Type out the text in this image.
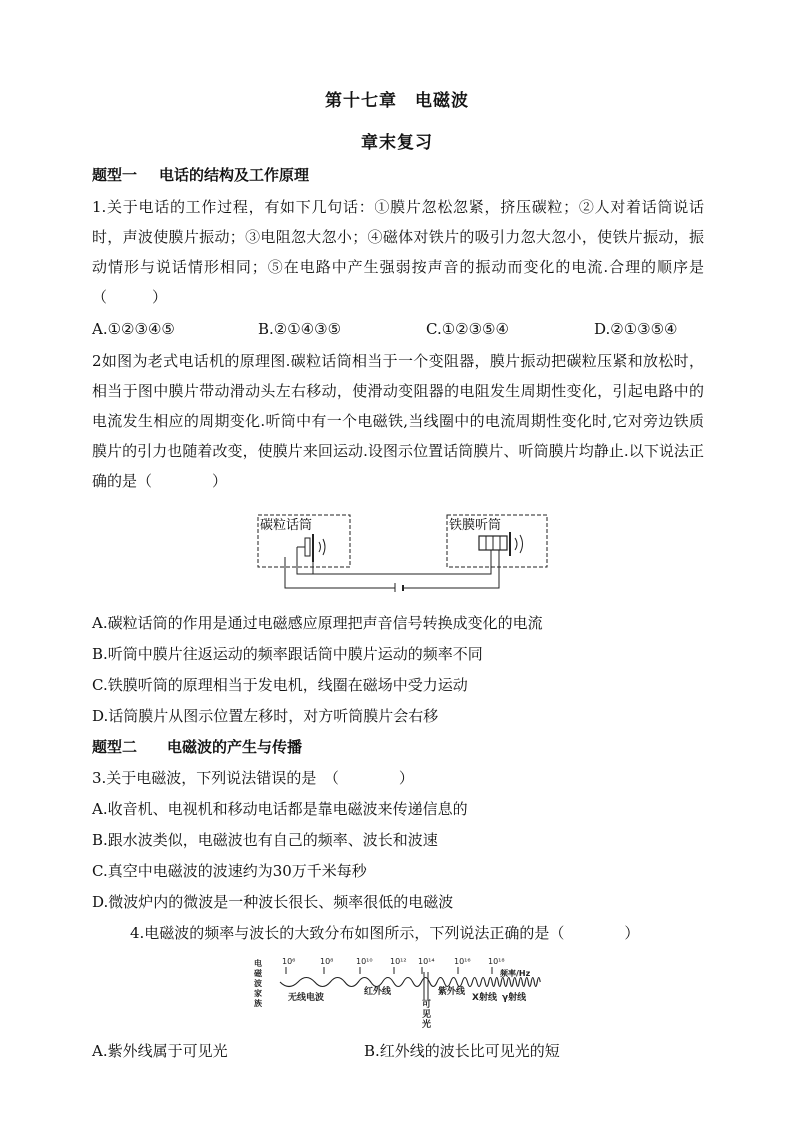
第十七章　电磁波
章末复习
题型一 电话的结构及工作原理
1.关于电话的工作过程，有如下几句话：①膜片忽松忽紧，挤压碳粒；②人对着话筒说话时，声波使膜片振动；③电阻忽大忽小；④磁体对铁片的吸引力忽大忽小，使铁片振动，振动情形与说话情形相同；⑤在电路中产生强弱按声音的振动而变化的电流.合理的顺序是　（　　　）
A.①②③④⑤	B.②①④③⑤	C.①②③⑤④	D.②①③⑤④
2如图为老式电话机的原理图.碳粒话筒相当于一个变阻器，膜片振动把碳粒压紧和放松时，相当于图中膜片带动滑动头左右移动，使滑动变阻器的电阻发生周期性变化，引起电路中的电流发生相应的周期变化.听筒中有一个电磁铁,当线圈中的电流周期性变化时,它对旁边铁质膜片的引力也随着改变，使膜片来回运动.设图示位置话筒膜片、听筒膜片均静止.以下说法正确的是（　　　　）
碳粒话筒	铁膜听筒
A.碳粒话筒的作用是通过电磁感应原理把声音信号转换成变化的电流
B.听筒中膜片往返运动的频率跟话筒中膜片运动的频率不同
C.铁膜听筒的原理相当于发电机，线圈在磁场中受力运动
D.话筒膜片从图示位置左移时，对方听筒膜片会右移
题型二 电磁波的产生与传播
3.关于电磁波，下列说法错误的是　（　　　　）
A.收音机、电视机和移动电话都是靠电磁波来传递信息的
B.跟水波类似，电磁波也有自己的频率、波长和波速
C.真空中电磁波的波速约为30万千米每秒
D.微波炉内的微波是一种波长很长、频率很低的电磁波
4.电磁波的频率与波长的大致分布如图所示，下列说法正确的是（　　　　）
电
磁
波
家
族
10⁶	10⁸	10¹⁰ 10¹² 10¹⁴ 10¹⁶ 10¹⁸
频率/Hz
无线电波
红外线
可
见
光
紫外线
X射线 γ射线
A.紫外线属于可见光	B.红外线的波长比可见光的短
